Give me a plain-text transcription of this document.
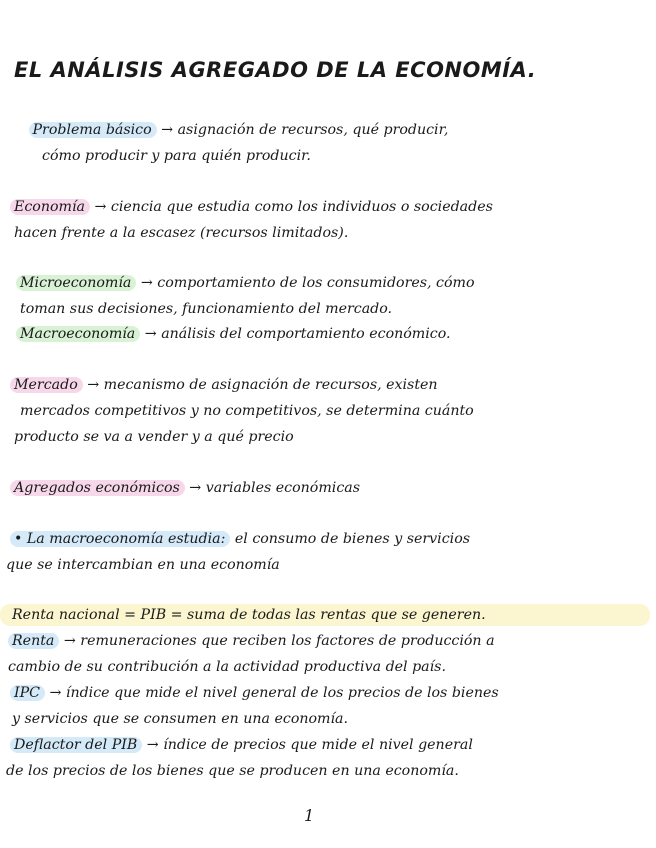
EL ANÁLISIS AGREGADO DE LA ECONOMÍA.
Problema básico → asignación de recursos, qué producir,
cómo producir y para quién producir.
Economía → ciencia que estudia como los individuos o sociedades
hacen frente a la escasez (recursos limitados).
Microeconomía → comportamiento de los consumidores, cómo
toman sus decisiones, funcionamiento del mercado.
Macroeconomía → análisis del comportamiento económico.
Mercado → mecanismo de asignación de recursos, existen
mercados competitivos y no competitivos, se determina cuánto
producto se va a vender y a qué precio
Agregados económicos → variables económicas
• La macroeconomía estudia: el consumo de bienes y servicios
que se intercambian en una economía
Renta nacional = PIB = suma de todas las rentas que se generen.
Renta → remuneraciones que reciben los factores de producción a
cambio de su contribución a la actividad productiva del país.
IPC → índice que mide el nivel general de los precios de los bienes
y servicios que se consumen en una economía.
Deflactor del PIB → índice de precios que mide el nivel general
de los precios de los bienes que se producen en una economía.
1
